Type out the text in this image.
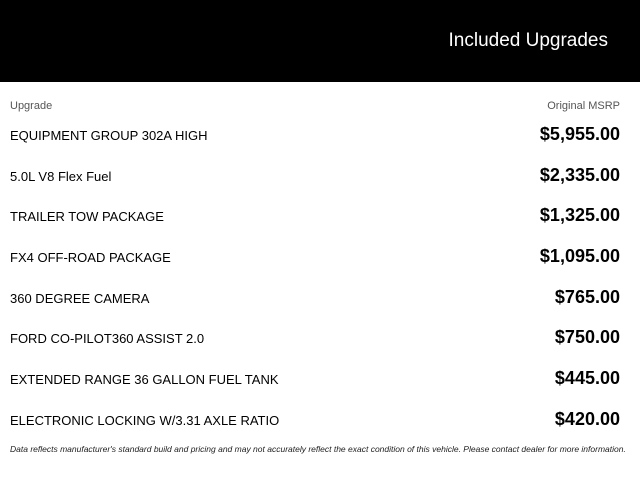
Included Upgrades
Upgrade	Original MSRP
EQUIPMENT GROUP 302A HIGH	$5,955.00
5.0L V8 Flex Fuel	$2,335.00
TRAILER TOW PACKAGE	$1,325.00
FX4 OFF-ROAD PACKAGE	$1,095.00
360 DEGREE CAMERA	$765.00
FORD CO-PILOT360 ASSIST 2.0	$750.00
EXTENDED RANGE 36 GALLON FUEL TANK	$445.00
ELECTRONIC LOCKING W/3.31 AXLE RATIO	$420.00
Data reflects manufacturer's standard build and pricing and may not accurately reflect the exact condition of this vehicle. Please contact dealer for more information.
